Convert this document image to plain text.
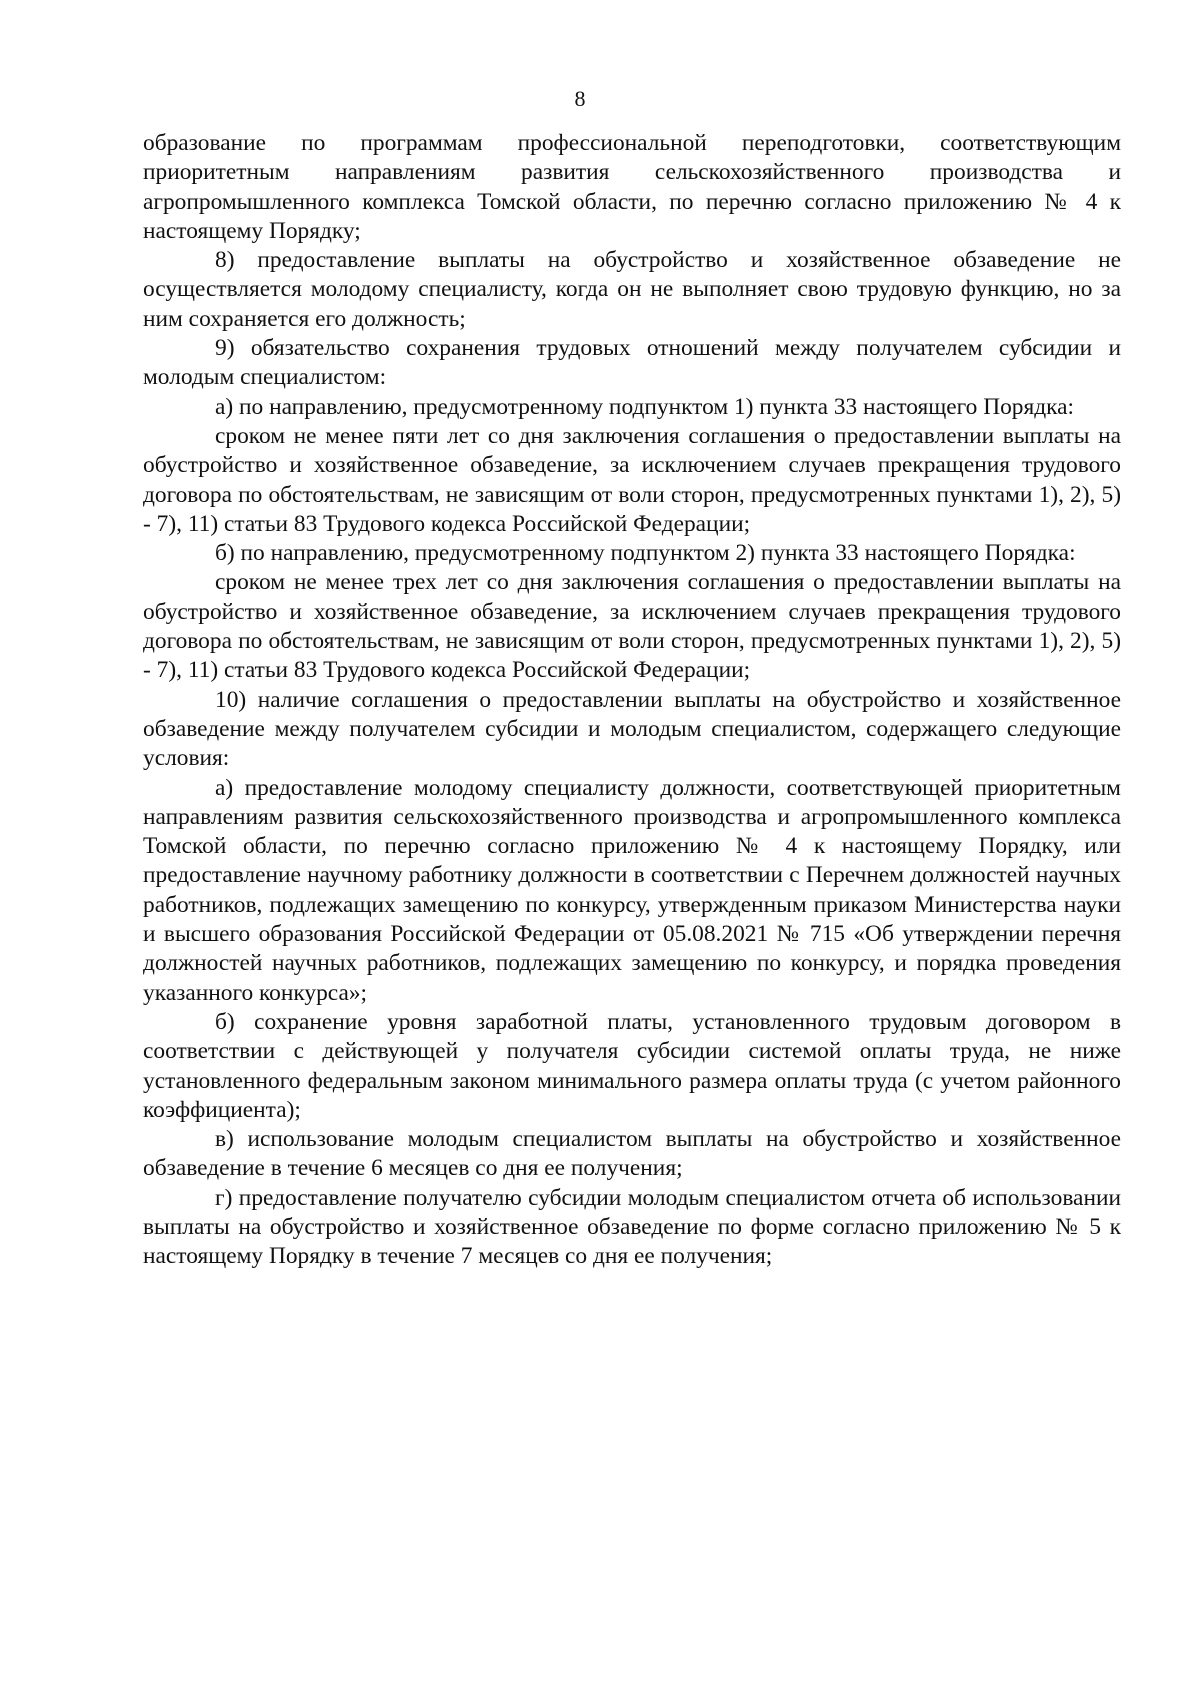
8

образование по программам профессиональной переподготовки, соответствующим приоритетным направлениям развития сельскохозяйственного производства и агропромышленного комплекса Томской области, по перечню согласно приложению № 4 к настоящему Порядку;

8) предоставление выплаты на обустройство и хозяйственное обзаведение не осуществляется молодому специалисту, когда он не выполняет свою трудовую функцию, но за ним сохраняется его должность;

9) обязательство сохранения трудовых отношений между получателем субсидии и молодым специалистом:

а) по направлению, предусмотренному подпунктом 1) пункта 33 настоящего Порядка:

сроком не менее пяти лет со дня заключения соглашения о предоставлении выплаты на обустройство и хозяйственное обзаведение, за исключением случаев прекращения трудового договора по обстоятельствам, не зависящим от воли сторон, предусмотренных пунктами 1), 2), 5) - 7), 11) статьи 83 Трудового кодекса Российской Федерации;

б) по направлению, предусмотренному подпунктом 2) пункта 33 настоящего Порядка:

сроком не менее трех лет со дня заключения соглашения о предоставлении выплаты на обустройство и хозяйственное обзаведение, за исключением случаев прекращения трудового договора по обстоятельствам, не зависящим от воли сторон, предусмотренных пунктами 1), 2), 5) - 7), 11) статьи 83 Трудового кодекса Российской Федерации;

10) наличие соглашения о предоставлении выплаты на обустройство и хозяйственное обзаведение между получателем субсидии и молодым специалистом, содержащего следующие условия:

а) предоставление молодому специалисту должности, соответствующей приоритетным направлениям развития сельскохозяйственного производства и агропромышленного комплекса Томской области, по перечню согласно приложению № 4 к настоящему Порядку, или предоставление научному работнику должности в соответствии с Перечнем должностей научных работников, подлежащих замещению по конкурсу, утвержденным приказом Министерства науки и высшего образования Российской Федерации от 05.08.2021 № 715 «Об утверждении перечня должностей научных работников, подлежащих замещению по конкурсу, и порядка проведения указанного конкурса»;

б) сохранение уровня заработной платы, установленного трудовым договором в соответствии с действующей у получателя субсидии системой оплаты труда, не ниже установленного федеральным законом минимального размера оплаты труда (с учетом районного коэффициента);

в) использование молодым специалистом выплаты на обустройство и хозяйственное обзаведение в течение 6 месяцев со дня ее получения;

г) предоставление получателю субсидии молодым специалистом отчета об использовании выплаты на обустройство и хозяйственное обзаведение по форме согласно приложению № 5 к настоящему Порядку в течение 7 месяцев со дня ее получения;
